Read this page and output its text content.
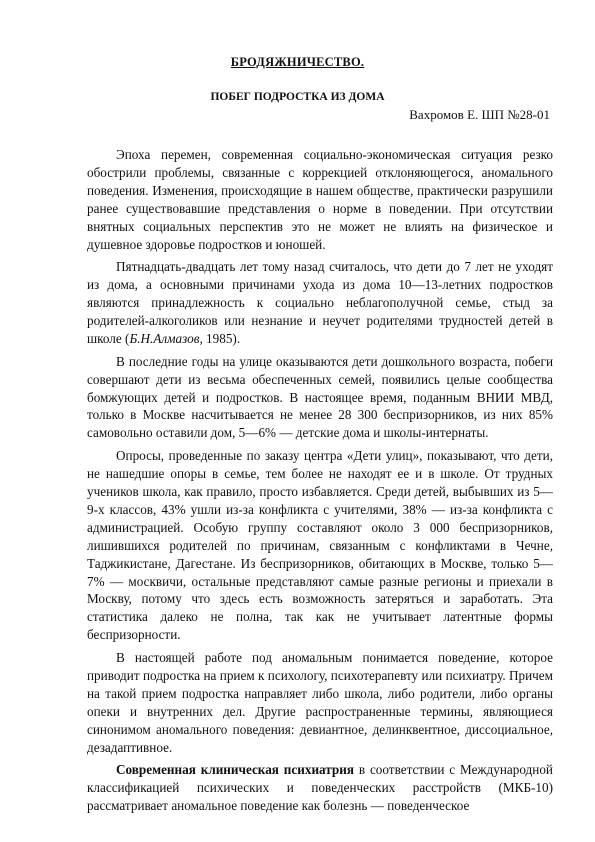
БРОДЯЖНИЧЕСТВО.
ПОБЕГ ПОДРОСТКА ИЗ ДОМА
Вахромов Е. ШП №28-01

Эпоха перемен, современная социально-экономическая ситуация резко обострили проблемы, связанные с коррекцией отклоняющегося, аномального поведения. Изменения, происходящие в нашем обществе, практически разрушили ранее существовавшие представления о норме в поведении. При отсутствии внятных социальных перспектив это не может не влиять на физическое и душевное здоровье подростков и юношей.

Пятнадцать-двадцать лет тому назад считалось, что дети до 7 лет не уходят из дома, а основными причинами ухода из дома 10—13-летних подростков являются принадлежность к социально неблагополучной семье, стыд за родителей-алкоголиков или незнание и неучет родителями трудностей детей в школе (Б.Н.Алмазов, 1985).

В последние годы на улице оказываются дети дошкольного возраста, побеги совершают дети из весьма обеспеченных семей, появились целые сообщества бомжующих детей и подростков. В настоящее время, поданным ВНИИ МВД, только в Москве насчитывается не менее 28 300 беспризорников, из них 85% самовольно оставили дом, 5—6% — детские дома и школы-интернаты.

Опросы, проведенные по заказу центра «Дети улиц», показывают, что дети, не нашедшие опоры в семье, тем более не находят ее и в школе. От трудных учеников школа, как правило, просто избавляется. Среди детей, выбывших из 5—9-х классов, 43% ушли из-за конфликта с учителями, 38% — из-за конфликта с администрацией. Особую группу составляют около 3 000 беспризорников, лишившихся родителей по причинам, связанным с конфликтами в Чечне, Таджикистане, Дагестане. Из беспризорников, обитающих в Москве, только 5—7% — москвичи, остальные представляют самые разные регионы и приехали в Москву, потому что здесь есть возможность затеряться и заработать. Эта статистика далеко не полна, так как не учитывает латентные формы беспризорности.

В настоящей работе под аномальным понимается поведение, которое приводит подростка на прием к психологу, психотерапевту или психиатру. Причем на такой прием подростка направляет либо школа, либо родители, либо органы опеки и внутренних дел. Другие распространенные термины, являющиеся синонимом аномального поведения: девиантное, делинквентное, диссоциальное, дезадаптивное.

Современная клиническая психиатрия в соответствии с Международной классификацией психических и поведенческих расстройств (МКБ-10) рассматривает аномальное поведение как болезнь — поведенческое
